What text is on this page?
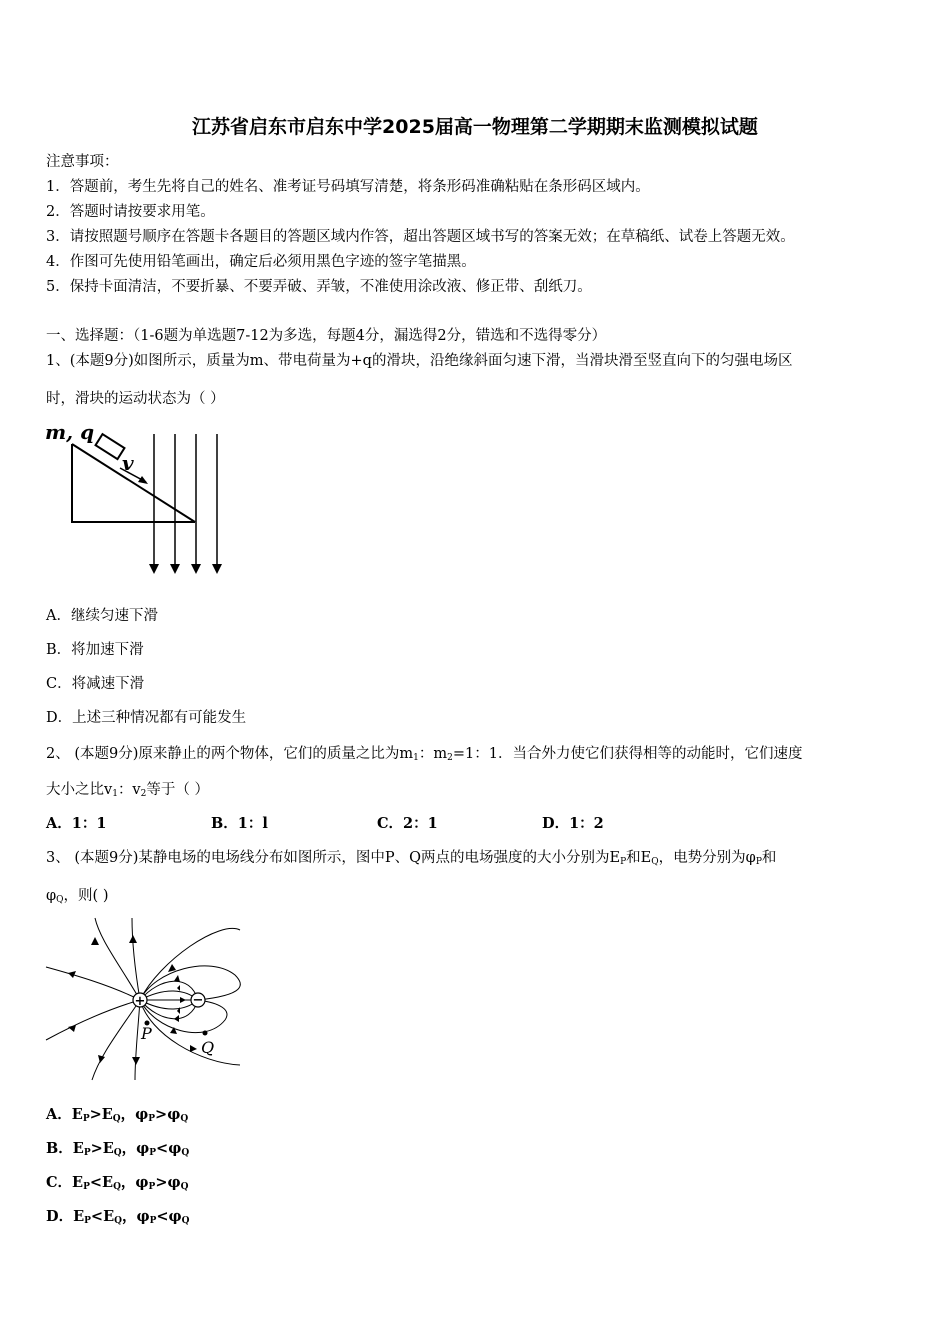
江苏省启东市启东中学2025届高一物理第二学期期末监测模拟试题
注意事项：
1．答题前，考生先将自己的姓名、准考证号码填写清楚，将条形码准确粘贴在条形码区域内。
2．答题时请按要求用笔。
3．请按照题号顺序在答题卡各题目的答题区域内作答，超出答题区域书写的答案无效；在草稿纸、试卷上答题无效。
4．作图可先使用铅笔画出，确定后必须用黑色字迹的签字笔描黑。
5．保持卡面清洁，不要折暴、不要弄破、弄皱，不准使用涂改液、修正带、刮纸刀。
一、选择题：（1-6题为单选题7-12为多选，每题4分，漏选得2分，错选和不选得零分）
1、(本题9分)如图所示，质量为m、带电荷量为+q的滑块，沿绝缘斜面匀速下滑，当滑块滑至竖直向下的匀强电场区
时，滑块的运动状态为（ ）
m, q
v
A．继续匀速下滑
B．将加速下滑
C．将减速下滑
D．上述三种情况都有可能发生
2、 (本题9分)原来静止的两个物体，它们的质量之比为$m_1$：$m_2=1$：1．当合外力使它们获得相等的动能时，它们速度
大小之比$v_1$：$v_2$等于（ ）
A．1：1	B．1：l	C．2：1	D．1：2
3、 (本题9分)某静电场的电场线分布如图所示，图中P、Q两点的电场强度的大小分别为$E_P$和$E_Q$，电势分别为$\varphi_P$和
$\varphi_Q$，则( )
+	−
P
Q
A．$E_P>E_Q$，$\varphi_P>\varphi_Q$
B．$E_P>E_Q$，$\varphi_P<\varphi_Q$
C．$E_P<E_Q$，$\varphi_P>\varphi_Q$
D．$E_P<E_Q$，$\varphi_P<\varphi_Q$
